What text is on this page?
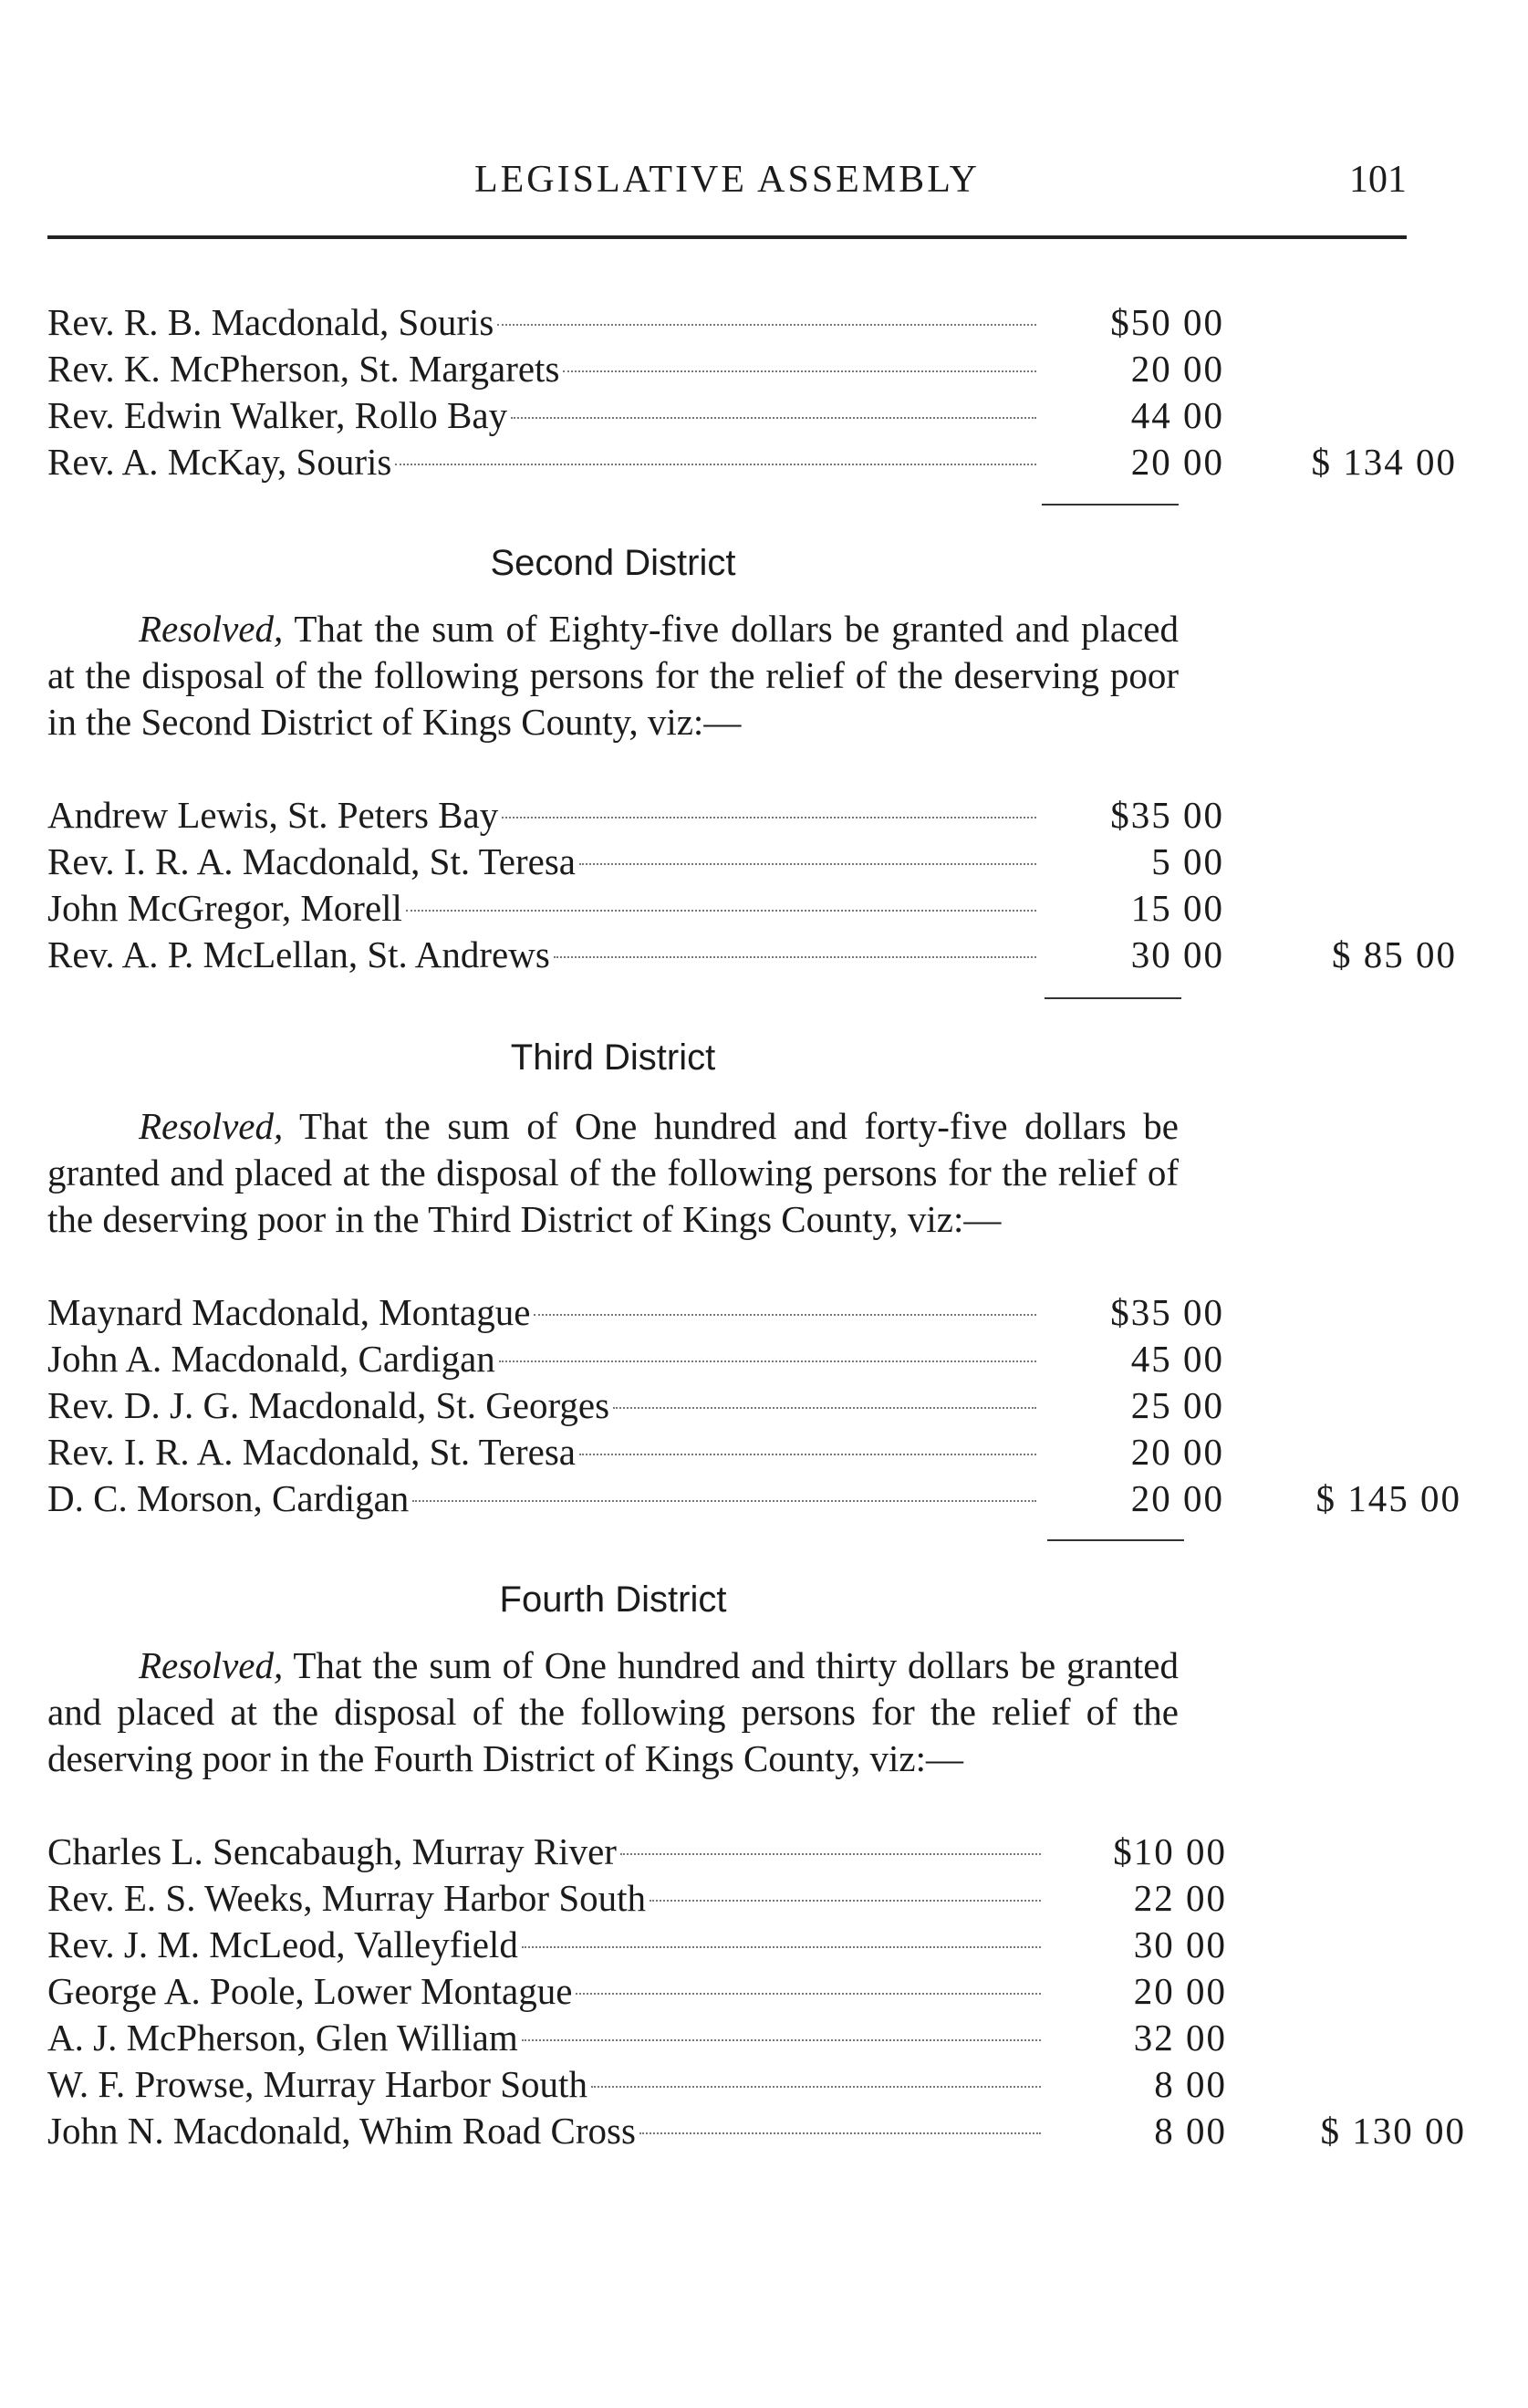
LEGISLATIVE ASSEMBLY	101
Rev. R. B. Macdonald, Souris	$50 00
Rev. K. McPherson, St. Margarets	20 00
Rev. Edwin Walker, Rollo Bay	44 00
Rev. A. McKay, Souris	20 00	$ 134 00
Second District

Resolved, That the sum of Eighty-five dollars be granted and placed at the disposal of the following persons for the relief of the deserving poor in the Second District of Kings County, viz:—

Andrew Lewis, St. Peters Bay	$35 00
Rev. I. R. A. Macdonald, St. Teresa	5 00
John McGregor, Morell	15 00
Rev. A. P. McLellan, St. Andrews	30 00	$ 85 00
Third District

Resolved, That the sum of One hundred and forty-five dollars be granted and placed at the disposal of the following persons for the relief of the deserving poor in the Third District of Kings County, viz:—

Maynard Macdonald, Montague	$35 00
John A. Macdonald, Cardigan	45 00
Rev. D. J. G. Macdonald, St. Georges	25 00
Rev. I. R. A. Macdonald, St. Teresa	20 00
D. C. Morson, Cardigan	20 00	$ 145 00
Fourth District

Resolved, That the sum of One hundred and thirty dollars be granted and placed at the disposal of the following persons for the relief of the deserving poor in the Fourth District of Kings County, viz:—

Charles L. Sencabaugh, Murray River	$10 00
Rev. E. S. Weeks, Murray Harbor South	22 00
Rev. J. M. McLeod, Valleyfield	30 00
George A. Poole, Lower Montague	20 00
A. J. McPherson, Glen William	32 00
W. F. Prowse, Murray Harbor South	8 00
John N. Macdonald, Whim Road Cross	8 00	$ 130 00
